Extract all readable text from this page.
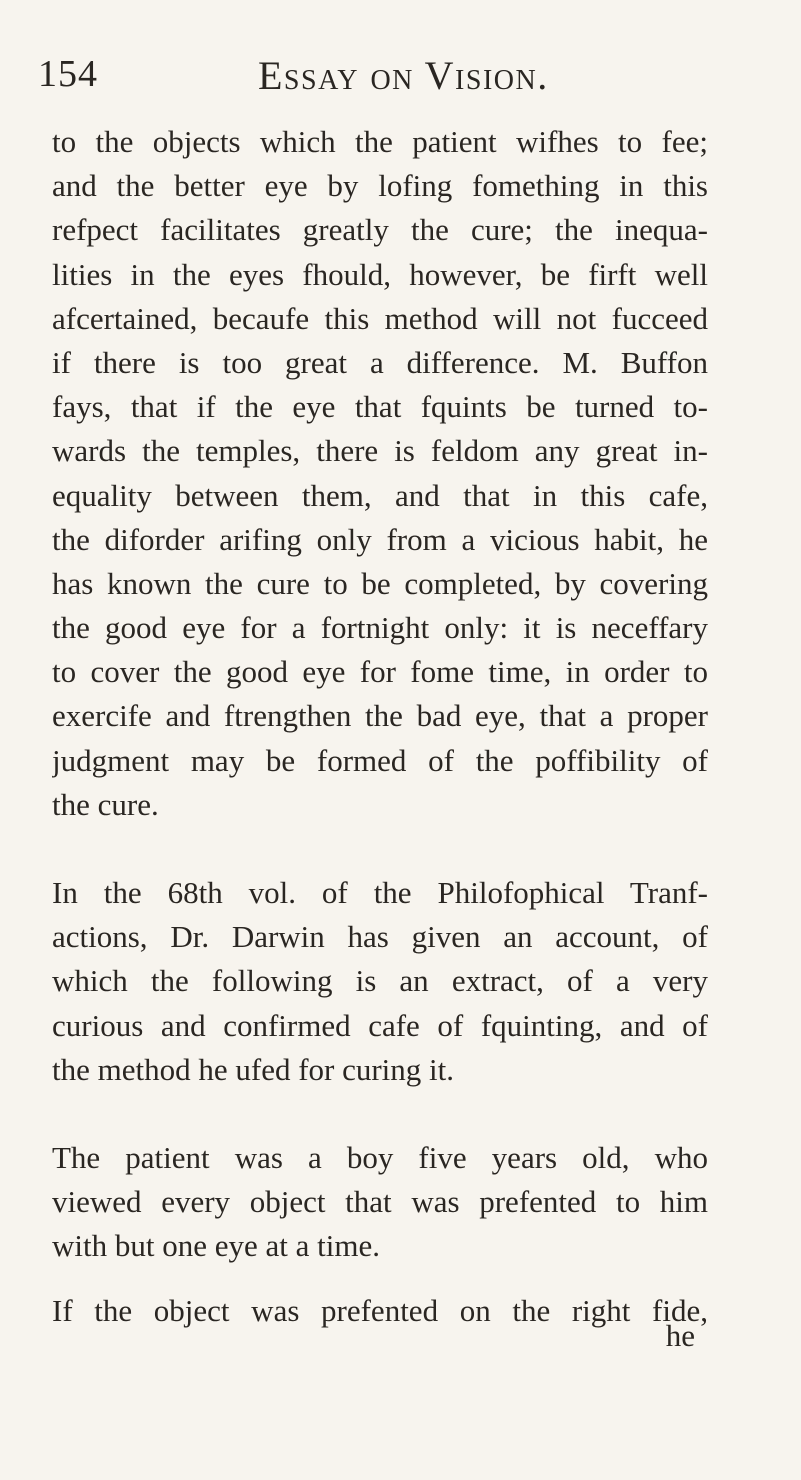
154	Essay on Vision.
to the objects which the patient wifhes to fee;
and the better eye by lofing fomething in this
refpect facilitates greatly the cure; the inequa-
lities in the eyes fhould, however, be firft well
afcertained, becaufe this method will not fucceed
if there is too great a difference. M. Buffon
fays, that if the eye that fquints be turned to-
wards the temples, there is feldom any great in-
equality between them, and that in this cafe,
the diforder arifing only from a vicious habit, he
has known the cure to be completed, by covering
the good eye for a fortnight only: it is neceffary
to cover the good eye for fome time, in order to
exercife and ftrengthen the bad eye, that a proper
judgment may be formed of the poffibility of
the cure.
In the 68th vol. of the Philofophical Tranf-
actions, Dr. Darwin has given an account, of
which the following is an extract, of a very
curious and confirmed cafe of fquinting, and of
the method he ufed for curing it.
The patient was a boy five years old, who
viewed every object that was prefented to him
with but one eye at a time.
If the object was prefented on the right fide,
he
